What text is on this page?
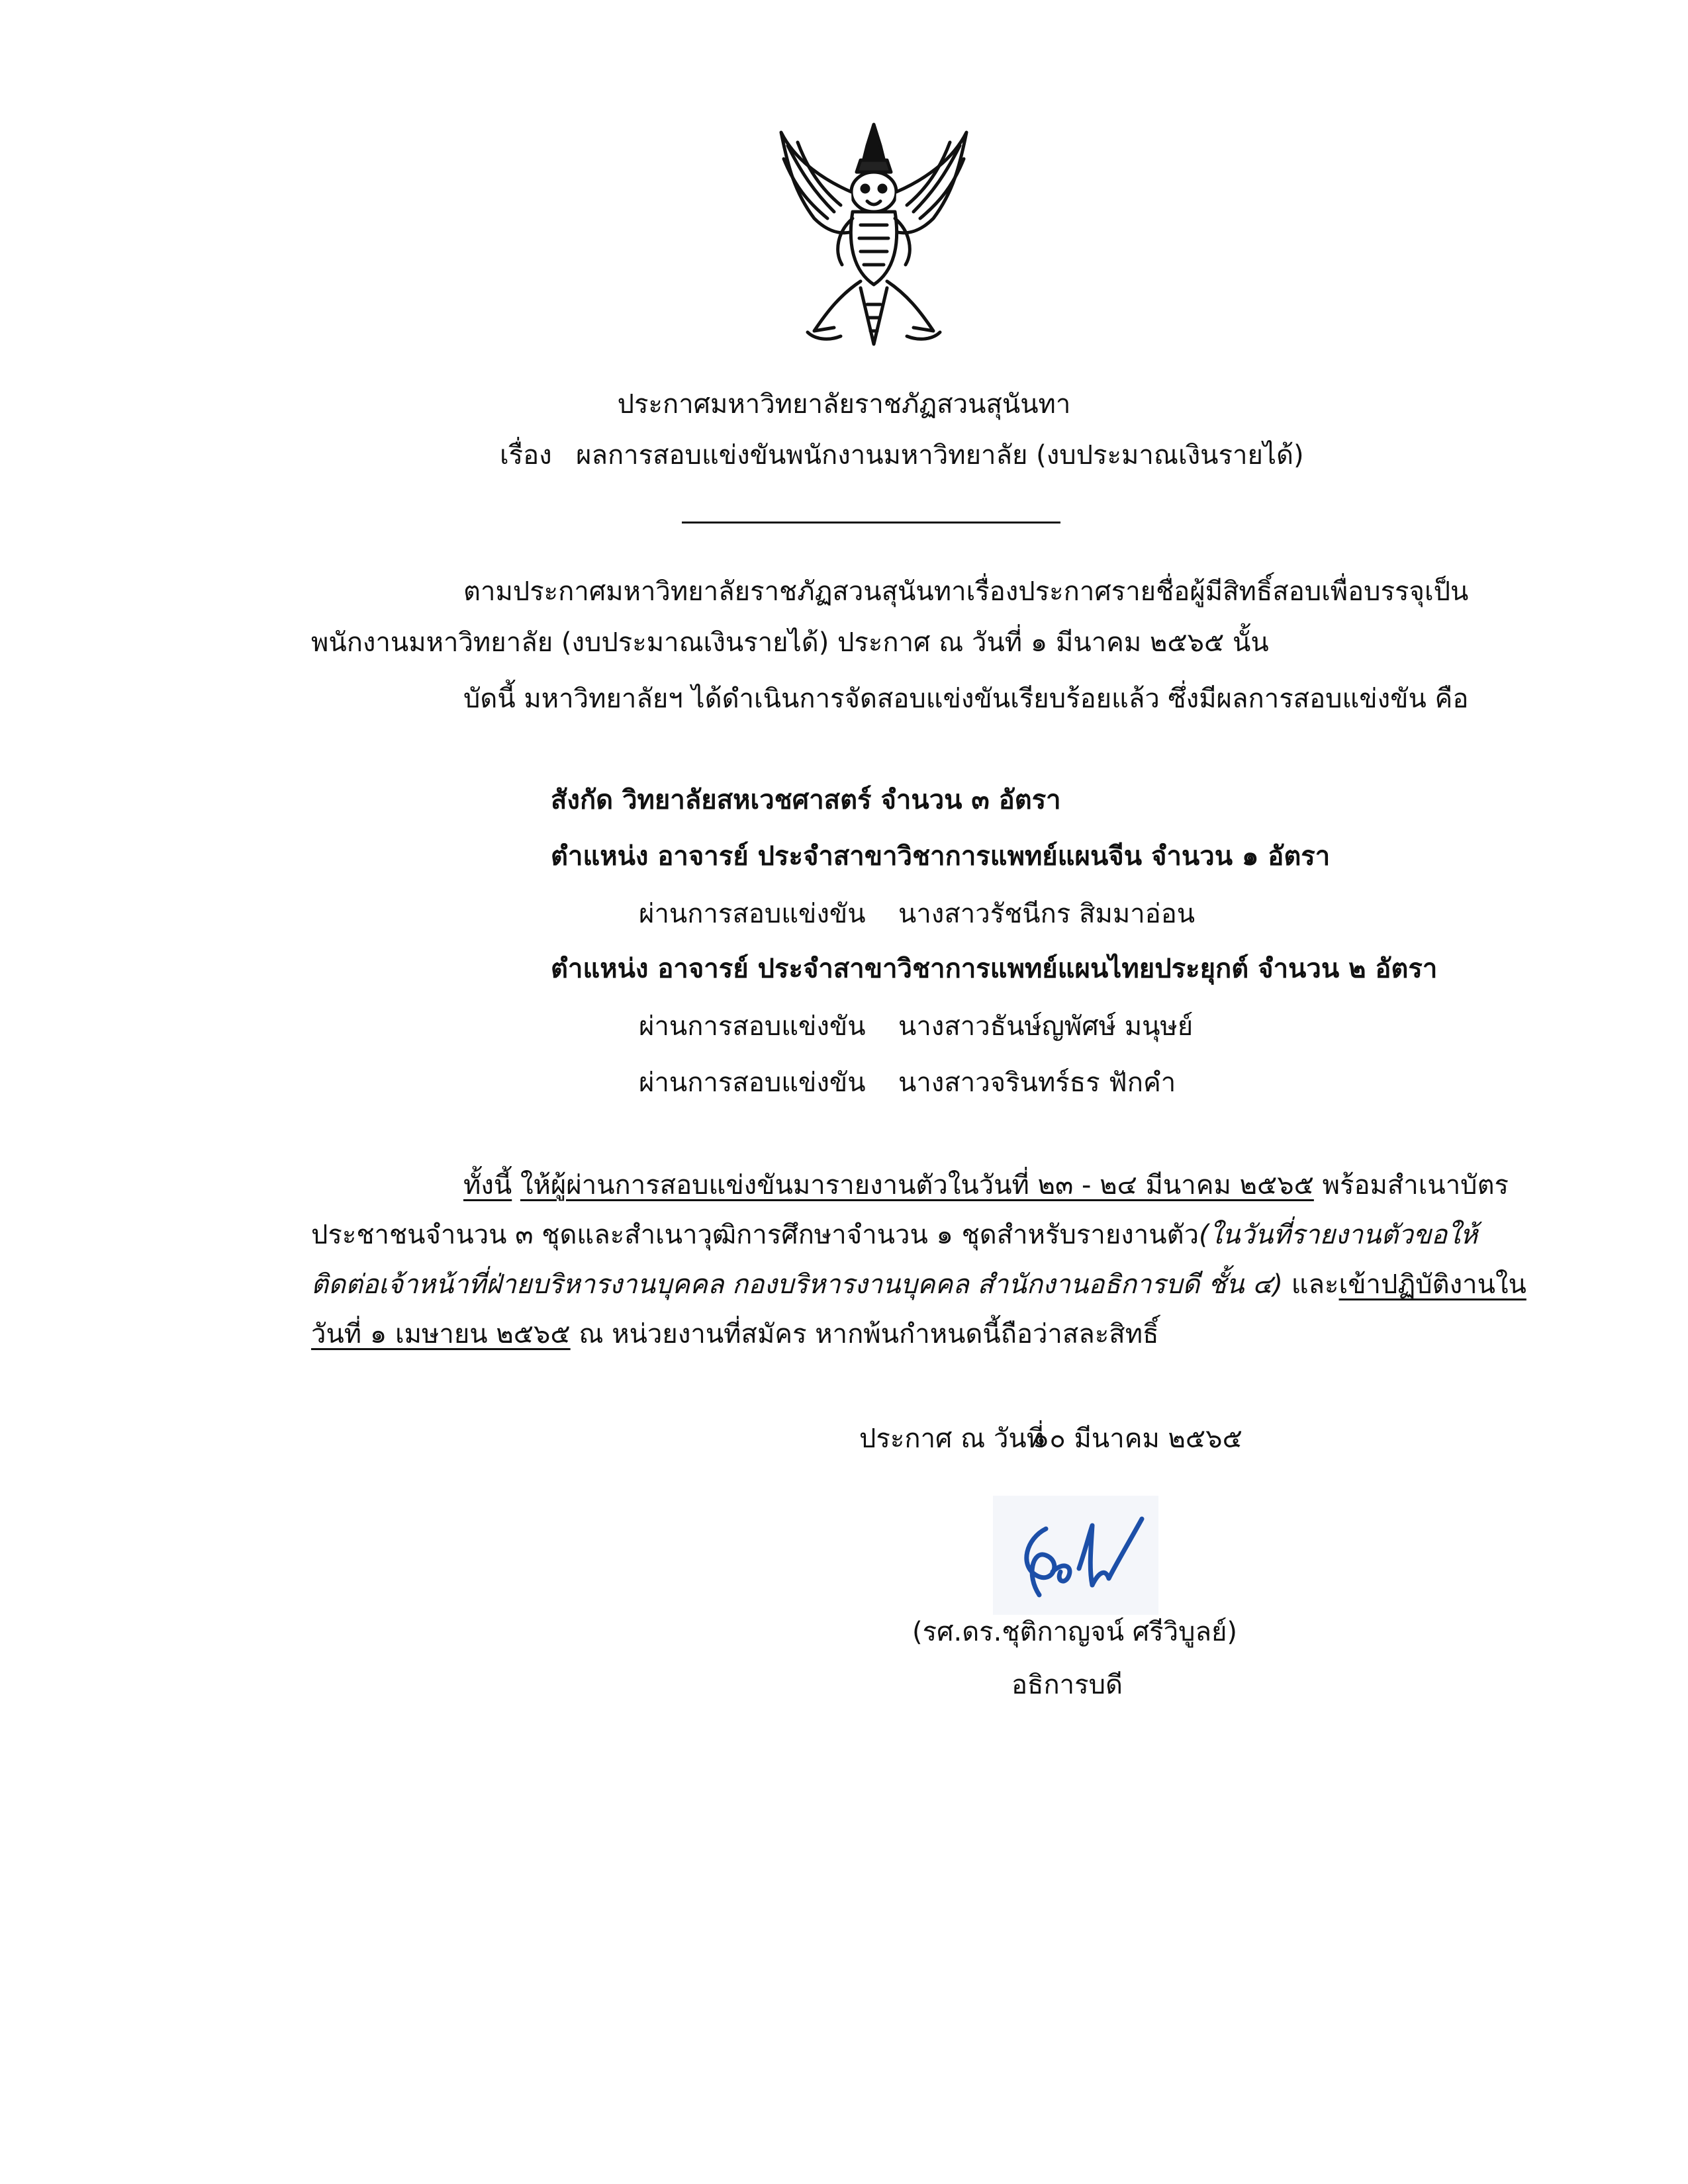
ประกาศมหาวิทยาลัยราชภัฏสวนสุนันทา
เรื่อง ผลการสอบแข่งขันพนักงานมหาวิทยาลัย (งบประมาณเงินรายได้)
ตามประกาศมหาวิทยาลัยราชภัฏสวนสุนันทา เรื่อง ประกาศรายชื่อผู้มีสิทธิ์สอบเพื่อบรรจุเป็น
พนักงานมหาวิทยาลัย (งบประมาณเงินรายได้) ประกาศ ณ วันที่ ๑ มีนาคม ๒๕๖๕ นั้น
บัดนี้ มหาวิทยาลัยฯ ได้ดำเนินการจัดสอบแข่งขันเรียบร้อยแล้ว ซึ่งมีผลการสอบแข่งขัน คือ
สังกัด วิทยาลัยสหเวชศาสตร์ จำนวน ๓ อัตรา
ตำแหน่ง อาจารย์ ประจำสาขาวิชาการแพทย์แผนจีน จำนวน ๑ อัตรา
ผ่านการสอบแข่งขัน นางสาวรัชนีกร สิมมาอ่อน
ตำแหน่ง อาจารย์ ประจำสาขาวิชาการแพทย์แผนไทยประยุกต์ จำนวน ๒ อัตรา
ผ่านการสอบแข่งขัน นางสาวธันษ์ญพัศษ์ มนุษย์
ผ่านการสอบแข่งขัน นางสาวจรินทร์ธร ฟักคำ
ทั้งนี้ ให้ผู้ผ่านการสอบแข่งขันมารายงานตัวในวันที่ ๒๓ - ๒๔ มีนาคม ๒๕๖๕ พร้อมสำเนาบัตร
ประชาชน จำนวน ๓ ชุด และสำเนาวุฒิการศึกษา จำนวน ๑ ชุด สำหรับรายงานตัว (ในวันที่รายงานตัวขอให้
ติดต่อเจ้าหน้าที่ฝ่ายบริหารงานบุคคล กองบริหารงานบุคคล สำนักงานอธิการบดี ชั้น ๔) และเข้าปฏิบัติงานใน
วันที่ ๑ เมษายน ๒๕๖๕ ณ หน่วยงานที่สมัคร หากพ้นกำหนดนี้ถือว่าสละสิทธิ์
ประกาศ ณ วันที่
๑๐ มีนาคม ๒๕๖๕
(รศ.ดร.ชุติกาญจน์ ศรีวิบูลย์)
อธิการบดี
